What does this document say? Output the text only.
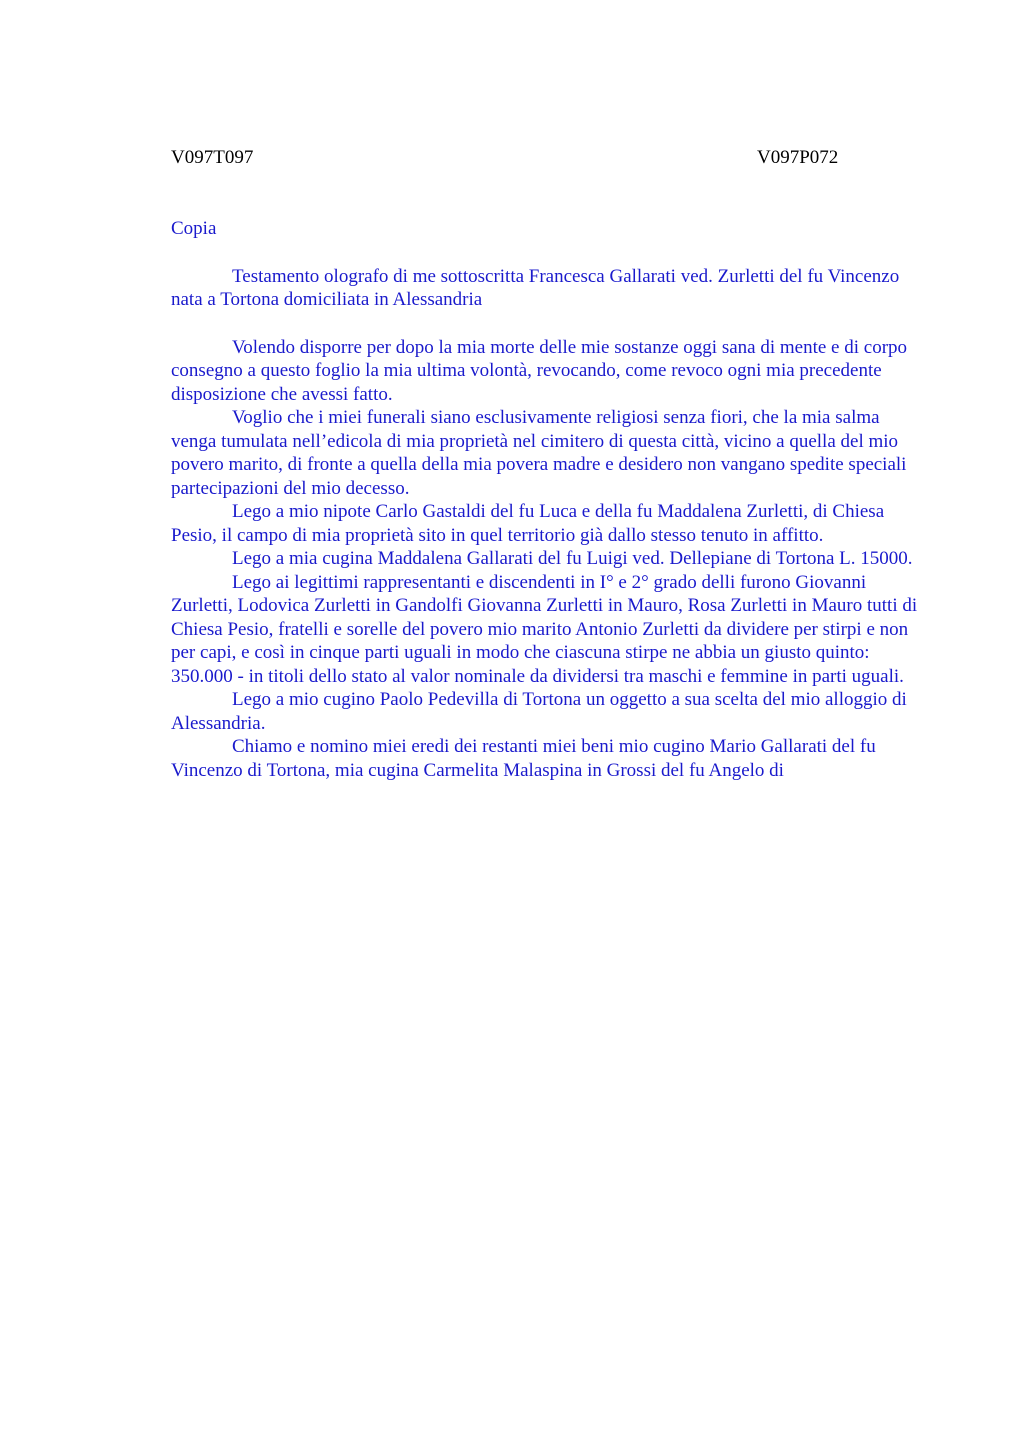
V097T097	V097P072

Copia

Testamento olografo di me sottoscritta Francesca Gallarati ved. Zurletti del fu Vincenzo nata a Tortona domiciliata in Alessandria

Volendo disporre per dopo la mia morte delle mie sostanze oggi sana di mente e di corpo consegno a questo foglio la mia ultima volontà, revocando, come revoco ogni mia precedente disposizione che avessi fatto.

Voglio che i miei funerali siano esclusivamente religiosi senza fiori, che la mia salma venga tumulata nell’edicola di mia proprietà nel cimitero di questa città, vicino a quella del mio povero marito, di fronte a quella della mia povera madre e desidero non vangano spedite speciali partecipazioni del mio decesso.

Lego a mio nipote Carlo Gastaldi del fu Luca e della fu Maddalena Zurletti, di Chiesa Pesio, il campo di mia proprietà sito in quel territorio già dallo stesso tenuto in affitto.

Lego a mia cugina Maddalena Gallarati del fu Luigi ved. Dellepiane di Tortona L. 15000.

Lego ai legittimi rappresentanti e discendenti in I° e 2° grado delli furono Giovanni Zurletti, Lodovica Zurletti in Gandolfi Giovanna Zurletti in Mauro, Rosa Zurletti in Mauro tutti di Chiesa Pesio, fratelli e sorelle del povero mio marito Antonio Zurletti da dividere per stirpi e non per capi, e così in cinque parti uguali in modo che ciascuna stirpe ne abbia un giusto quinto: 350.000 - in titoli dello stato al valor nominale da dividersi tra maschi e femmine in parti uguali.

Lego a mio cugino Paolo Pedevilla di Tortona un oggetto a sua scelta del mio alloggio di Alessandria.

Chiamo e nomino miei eredi dei restanti miei beni mio cugino Mario Gallarati del fu Vincenzo di Tortona, mia cugina Carmelita Malaspina in Grossi del fu Angelo di
